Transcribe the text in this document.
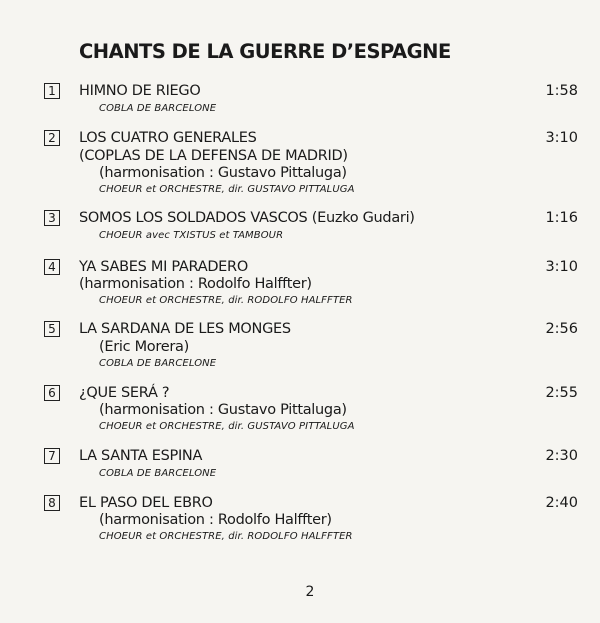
CHANTS DE LA GUERRE D’ESPAGNE
1 HIMNO DE RIEGO
COBLA DE BARCELONE
1:58
2 LOS CUATRO GENERALES
(COPLAS DE LA DEFENSA DE MADRID)
(harmonisation : Gustavo Pittaluga)
CHOEUR et ORCHESTRE, dir. GUSTAVO PITTALUGA
3:10
3 SOMOS LOS SOLDADOS VASCOS (Euzko Gudari)
CHOEUR avec TXISTUS et TAMBOUR
1:16
4 YA SABES MI PARADERO
(harmonisation : Rodolfo Halffter)
CHOEUR et ORCHESTRE, dir. RODOLFO HALFFTER
3:10
5 LA SARDANA DE LES MONGES
(Eric Morera)
COBLA DE BARCELONE
2:56
6 ¿QUE SERÁ ?
(harmonisation : Gustavo Pittaluga)
CHOEUR et ORCHESTRE, dir. GUSTAVO PITTALUGA
2:55
7 LA SANTA ESPINA
COBLA DE BARCELONE
2:30
8 EL PASO DEL EBRO
(harmonisation : Rodolfo Halffter)
CHOEUR et ORCHESTRE, dir. RODOLFO HALFFTER
2:40
2
